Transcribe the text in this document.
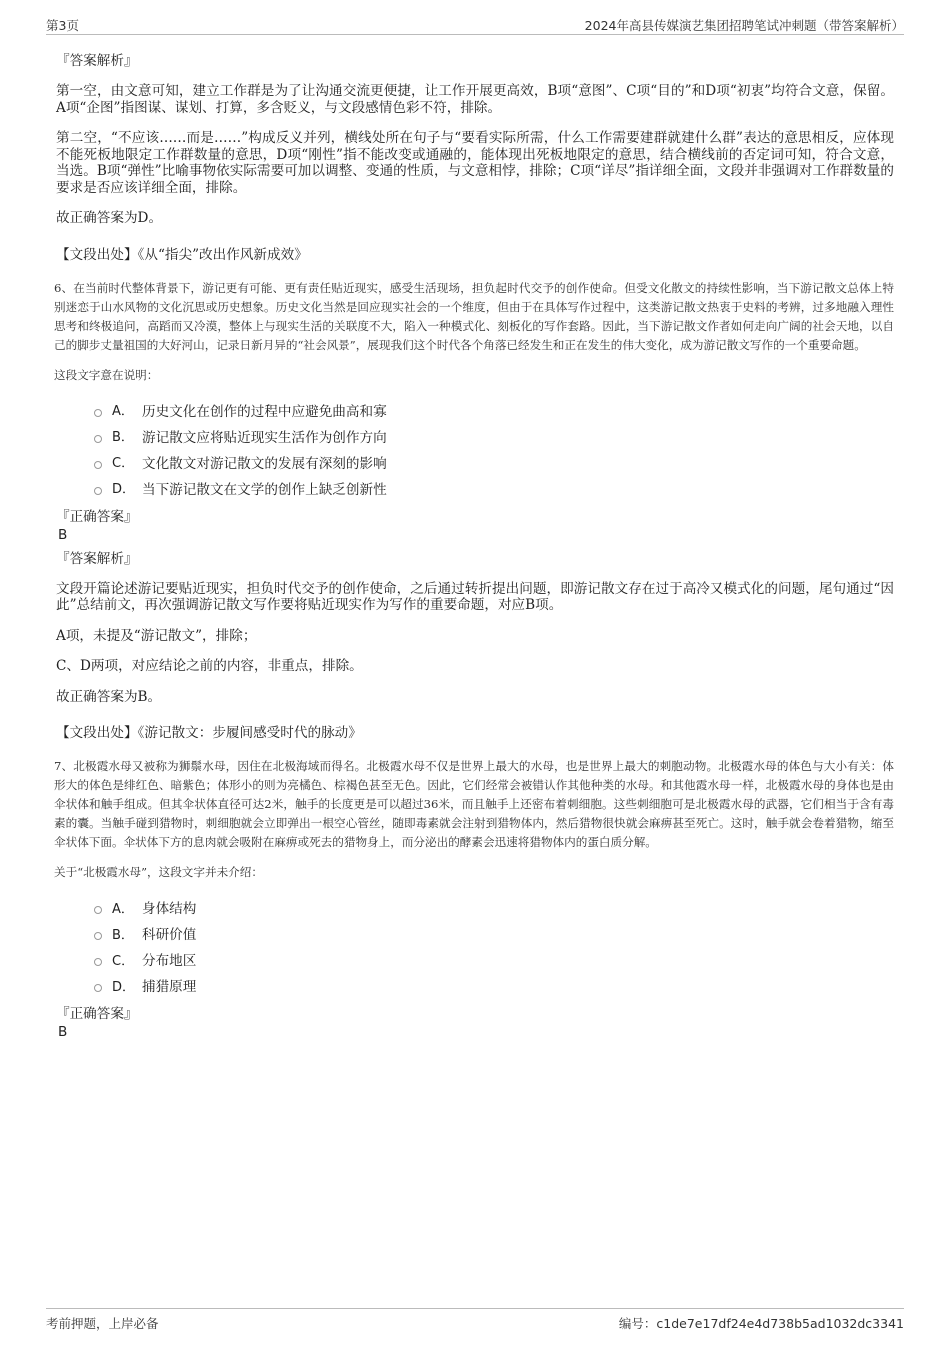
第3页	2024年高县传媒演艺集团招聘笔试冲刺题（带答案解析）
『答案解析』

第一空，由文意可知，建立工作群是为了让沟通交流更便捷，让工作开展更高效，B项“意图”、C项“目的”和D项“初衷”均符合文意，保留。A项“企图”指图谋、谋划、打算，多含贬义，与文段感情色彩不符，排除。

第二空，“不应该……而是……”构成反义并列，横线处所在句子与“要看实际所需，什么工作需要建群就建什么群”表达的意思相反，应体现不能死板地限定工作群数量的意思，D项“刚性”指不能改变或通融的，能体现出死板地限定的意思，结合横线前的否定词可知，符合文意，当选。B项“弹性”比喻事物依实际需要可加以调整、变通的性质，与文意相悖，排除；C项“详尽”指详细全面，文段并非强调对工作群数量的要求是否应该详细全面，排除。

故正确答案为D。

【文段出处】《从“指尖”改出作风新成效》

6、在当前时代整体背景下，游记更有可能、更有责任贴近现实，感受生活现场，担负起时代交予的创作使命。但受文化散文的持续性影响，当下游记散文总体上特别迷恋于山水风物的文化沉思或历史想象。历史文化当然是回应现实社会的一个维度，但由于在具体写作过程中，这类游记散文热衷于史料的考辨，过多地融入理性思考和终极追问，高蹈而又冷漠，整体上与现实生活的关联度不大，陷入一种模式化、刻板化的写作套路。因此，当下游记散文作者如何走向广阔的社会天地，以自己的脚步丈量祖国的大好河山，记录日新月异的“社会风景”，展现我们这个时代各个角落已经发生和正在发生的伟大变化，成为游记散文写作的一个重要命题。

这段文字意在说明：

A． 历史文化在创作的过程中应避免曲高和寡
B． 游记散文应将贴近现实生活作为创作方向
C． 文化散文对游记散文的发展有深刻的影响
D． 当下游记散文在文学的创作上缺乏创新性
『正确答案』
B
『答案解析』

文段开篇论述游记要贴近现实，担负时代交予的创作使命，之后通过转折提出问题，即游记散文存在过于高冷又模式化的问题，尾句通过“因此”总结前文，再次强调游记散文写作要将贴近现实作为写作的重要命题，对应B项。

A项，未提及“游记散文”，排除；

C、D两项，对应结论之前的内容，非重点，排除。

故正确答案为B。

【文段出处】《游记散文：步履间感受时代的脉动》

7、北极霞水母又被称为狮鬃水母，因住在北极海域而得名。北极霞水母不仅是世界上最大的水母，也是世界上最大的刺胞动物。北极霞水母的体色与大小有关：体形大的体色是绯红色、暗紫色；体形小的则为亮橘色、棕褐色甚至无色。因此，它们经常会被错认作其他种类的水母。和其他霞水母一样，北极霞水母的身体也是由伞状体和触手组成。但其伞状体直径可达2米，触手的长度更是可以超过36米，而且触手上还密布着刺细胞。这些刺细胞可是北极霞水母的武器，它们相当于含有毒素的囊。当触手碰到猎物时，刺细胞就会立即弹出一根空心管丝，随即毒素就会注射到猎物体内，然后猎物很快就会麻痹甚至死亡。这时，触手就会卷着猎物，缩至伞状体下面。伞状体下方的息肉就会吸附在麻痹或死去的猎物身上，而分泌出的酵素会迅速将猎物体内的蛋白质分解。

关于“北极霞水母”，这段文字并未介绍：

A． 身体结构
B． 科研价值
C． 分布地区
D． 捕猎原理
『正确答案』
B
考前押题，上岸必备	编号：c1de7e17df24e4d738b5ad1032dc3341
